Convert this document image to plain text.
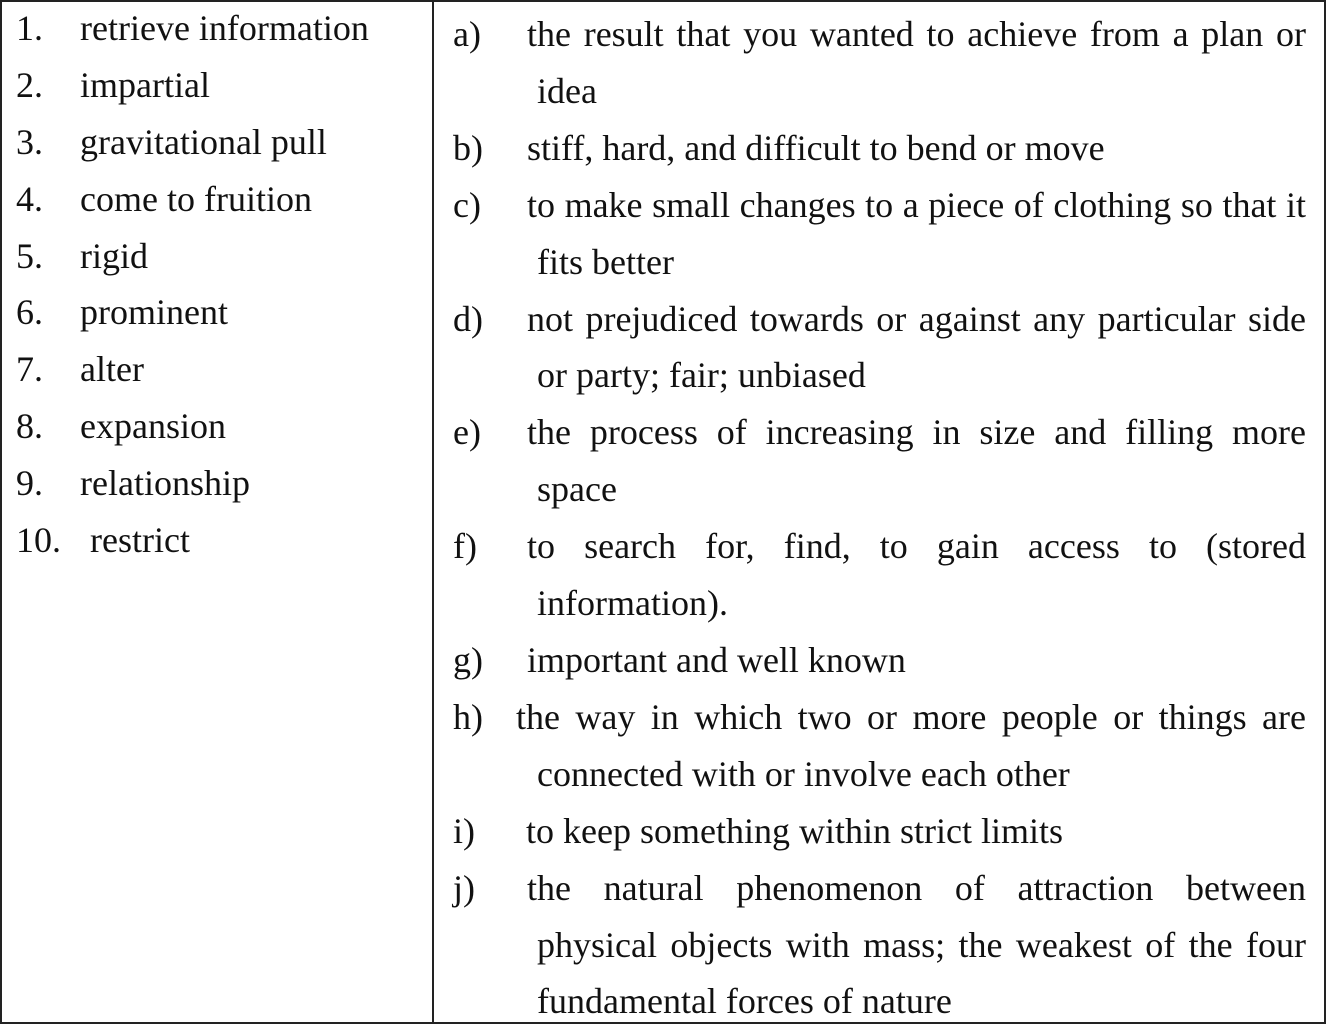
1. retrieve information
2. impartial
3. gravitational pull
4. come to fruition
5. rigid
6. prominent
7. alter
8. expansion
9. relationship
10. restrict
a)	the result that you wanted to achieve from a plan or idea
b)	stiff, hard, and difficult to bend or move
c)	to make small changes to a piece of clothing so that it fits better
d)	not prejudiced towards or against any particular side or party; fair; unbiased
e)	the process of increasing in size and filling more space
f)	to search for, find, to gain access to (stored information).
g)	important and well known
h) the way in which two or more people or things are connected with or involve each other
i)	to keep something within strict limits
j)	the natural phenomenon of attraction between physical objects with mass; the weakest of the four fundamental forces of nature
